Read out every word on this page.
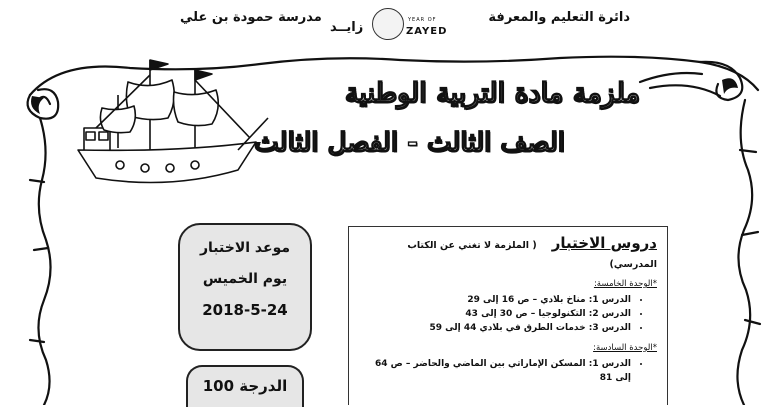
دائرة التعليم والمعرفة
مدرسة حمودة بن علي
زايــد	YEAR OF
ZAYED
ملزمة مادة التربية الوطنية
الصف الثالث - الفصل الثالث
موعد الاختبار
يوم الخميس
2018-5-24
الدرجة 100
دروس الاختبار ( الملزمة لا تغني عن الكتاب المدرسي)
*الوحدة الخامسة:
• الدرس 1: مناخ بلادي – ص 16 إلى 29
• الدرس 2: التكنولوجيا – ص 30 إلى 43
• الدرس 3: خدمات الطرق في بلادي 44 إلى 59
*الوحدة السادسة:
• الدرس 1: المسكن الإماراتي بين الماضي والحاضر – ص 64 إلى 81
